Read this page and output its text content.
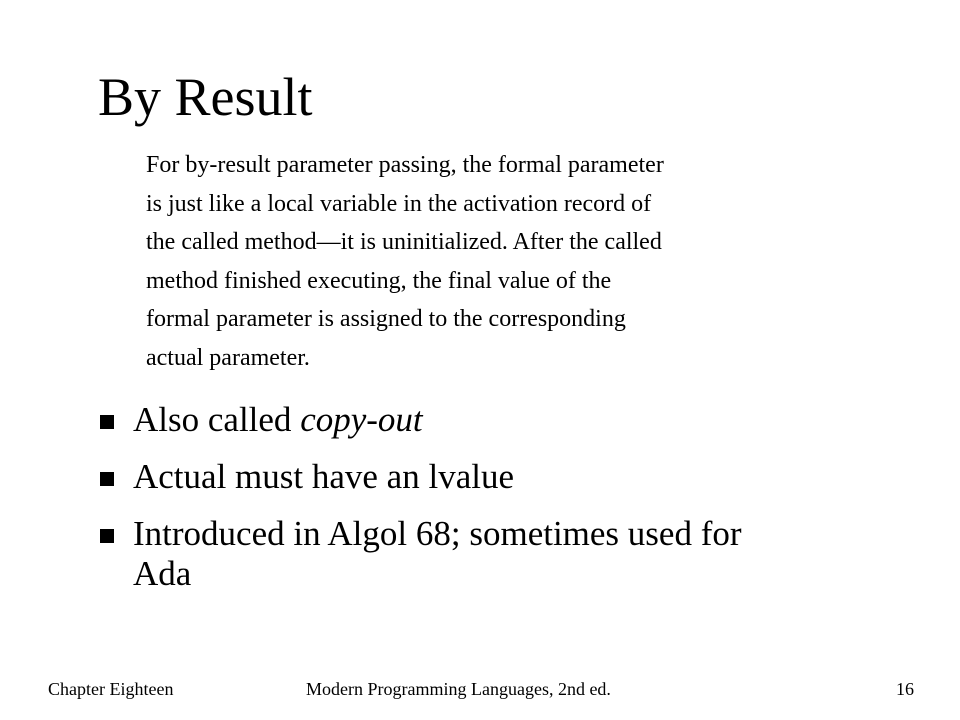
By Result
For by-result parameter passing, the formal parameter
is just like a local variable in the activation record of
the called method—it is uninitialized. After the called
method finished executing, the final value of the
formal parameter is assigned to the corresponding
actual parameter.
Also called copy-out
Actual must have an lvalue
Introduced in Algol 68; sometimes used for
Ada
Chapter Eighteen	Modern Programming Languages, 2nd ed.	16
